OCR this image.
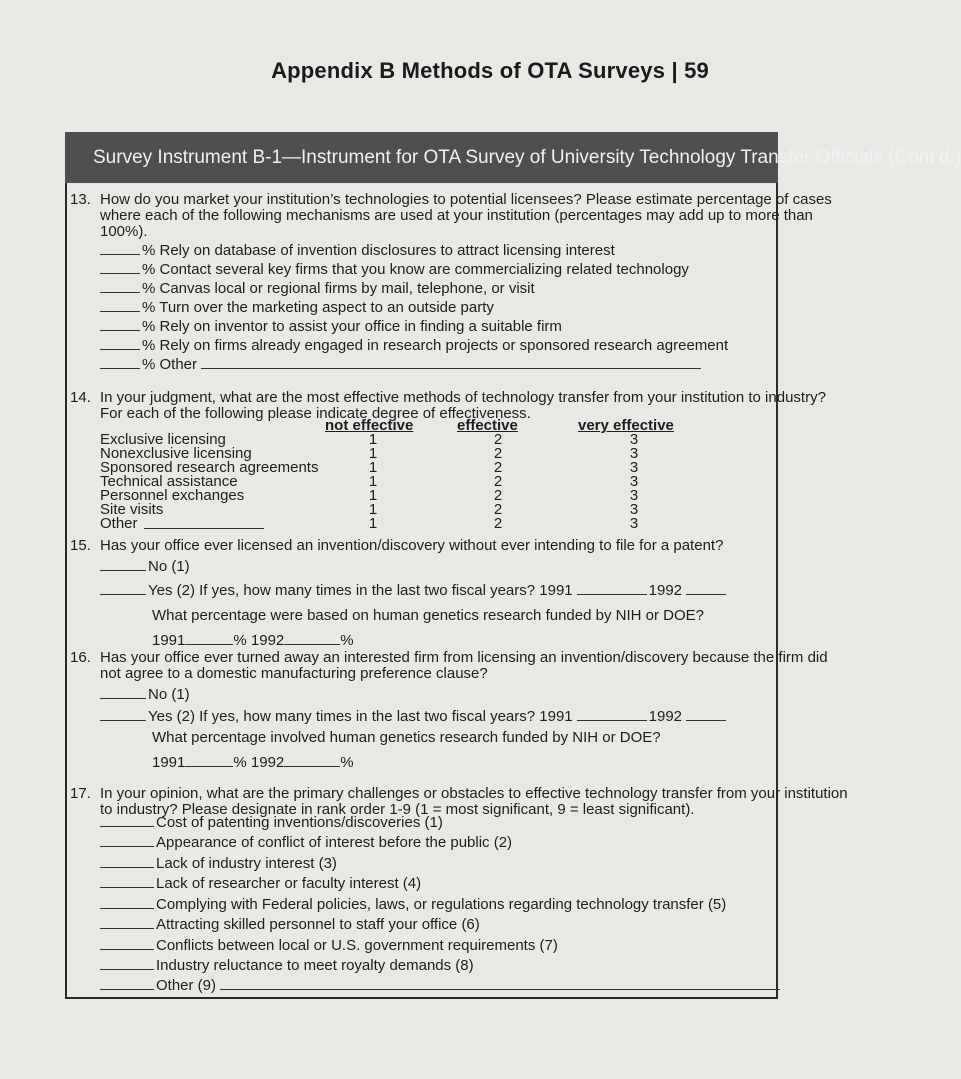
Appendix B Methods of OTA Surveys | 59
Survey Instrument B-1—Instrument for OTA Survey of University Technology Transfer Officials (Cont’d.)
13. How do you market your institution’s technologies to potential licensees? Please estimate percentage of cases
where each of the following mechanisms are used at your institution (percentages may add up to more than
100%).
% Rely on database of invention disclosures to attract licensing interest
% Contact several key firms that you know are commercializing related technology
% Canvas local or regional firms by mail, telephone, or visit
% Turn over the marketing aspect to an outside party
% Rely on inventor to assist your office in finding a suitable firm
% Rely on firms already engaged in research projects or sponsored research agreement
% Other
14. In your judgment, what are the most effective methods of technology transfer from your institution to industry?
For each of the following please indicate degree of effectiveness.
not effective	effective	very effective
Exclusive licensing	1	2	3
Nonexclusive licensing	1	2	3
Sponsored research agreements	1	2	3
Technical assistance	1	2	3
Personnel exchanges	1	2	3
Site visits	1	2	3
Other	1	2	3
15. Has your office ever licensed an invention/discovery without ever intending to file for a patent?
No (1)
Yes (2) If yes, how many times in the last two fiscal years? 1991	1992
What percentage were based on human genetics research funded by NIH or DOE?
1991	% 1992	%
16. Has your office ever turned away an interested firm from licensing an invention/discovery because the firm did
not agree to a domestic manufacturing preference clause?
No (1)
Yes (2) If yes, how many times in the last two fiscal years? 1991	1992
What percentage involved human genetics research funded by NIH or DOE?
1991	% 1992	%
17. In your opinion, what are the primary challenges or obstacles to effective technology transfer from your institution
to industry? Please designate in rank order 1-9 (1 = most significant, 9 = least significant).
Cost of patenting inventions/discoveries (1)
Appearance of conflict of interest before the public (2)
Lack of industry interest (3)
Lack of researcher or faculty interest (4)
Complying with Federal policies, laws, or regulations regarding technology transfer (5)
Attracting skilled personnel to staff your office (6)
Conflicts between local or U.S. government requirements (7)
Industry reluctance to meet royalty demands (8)
Other (9)
